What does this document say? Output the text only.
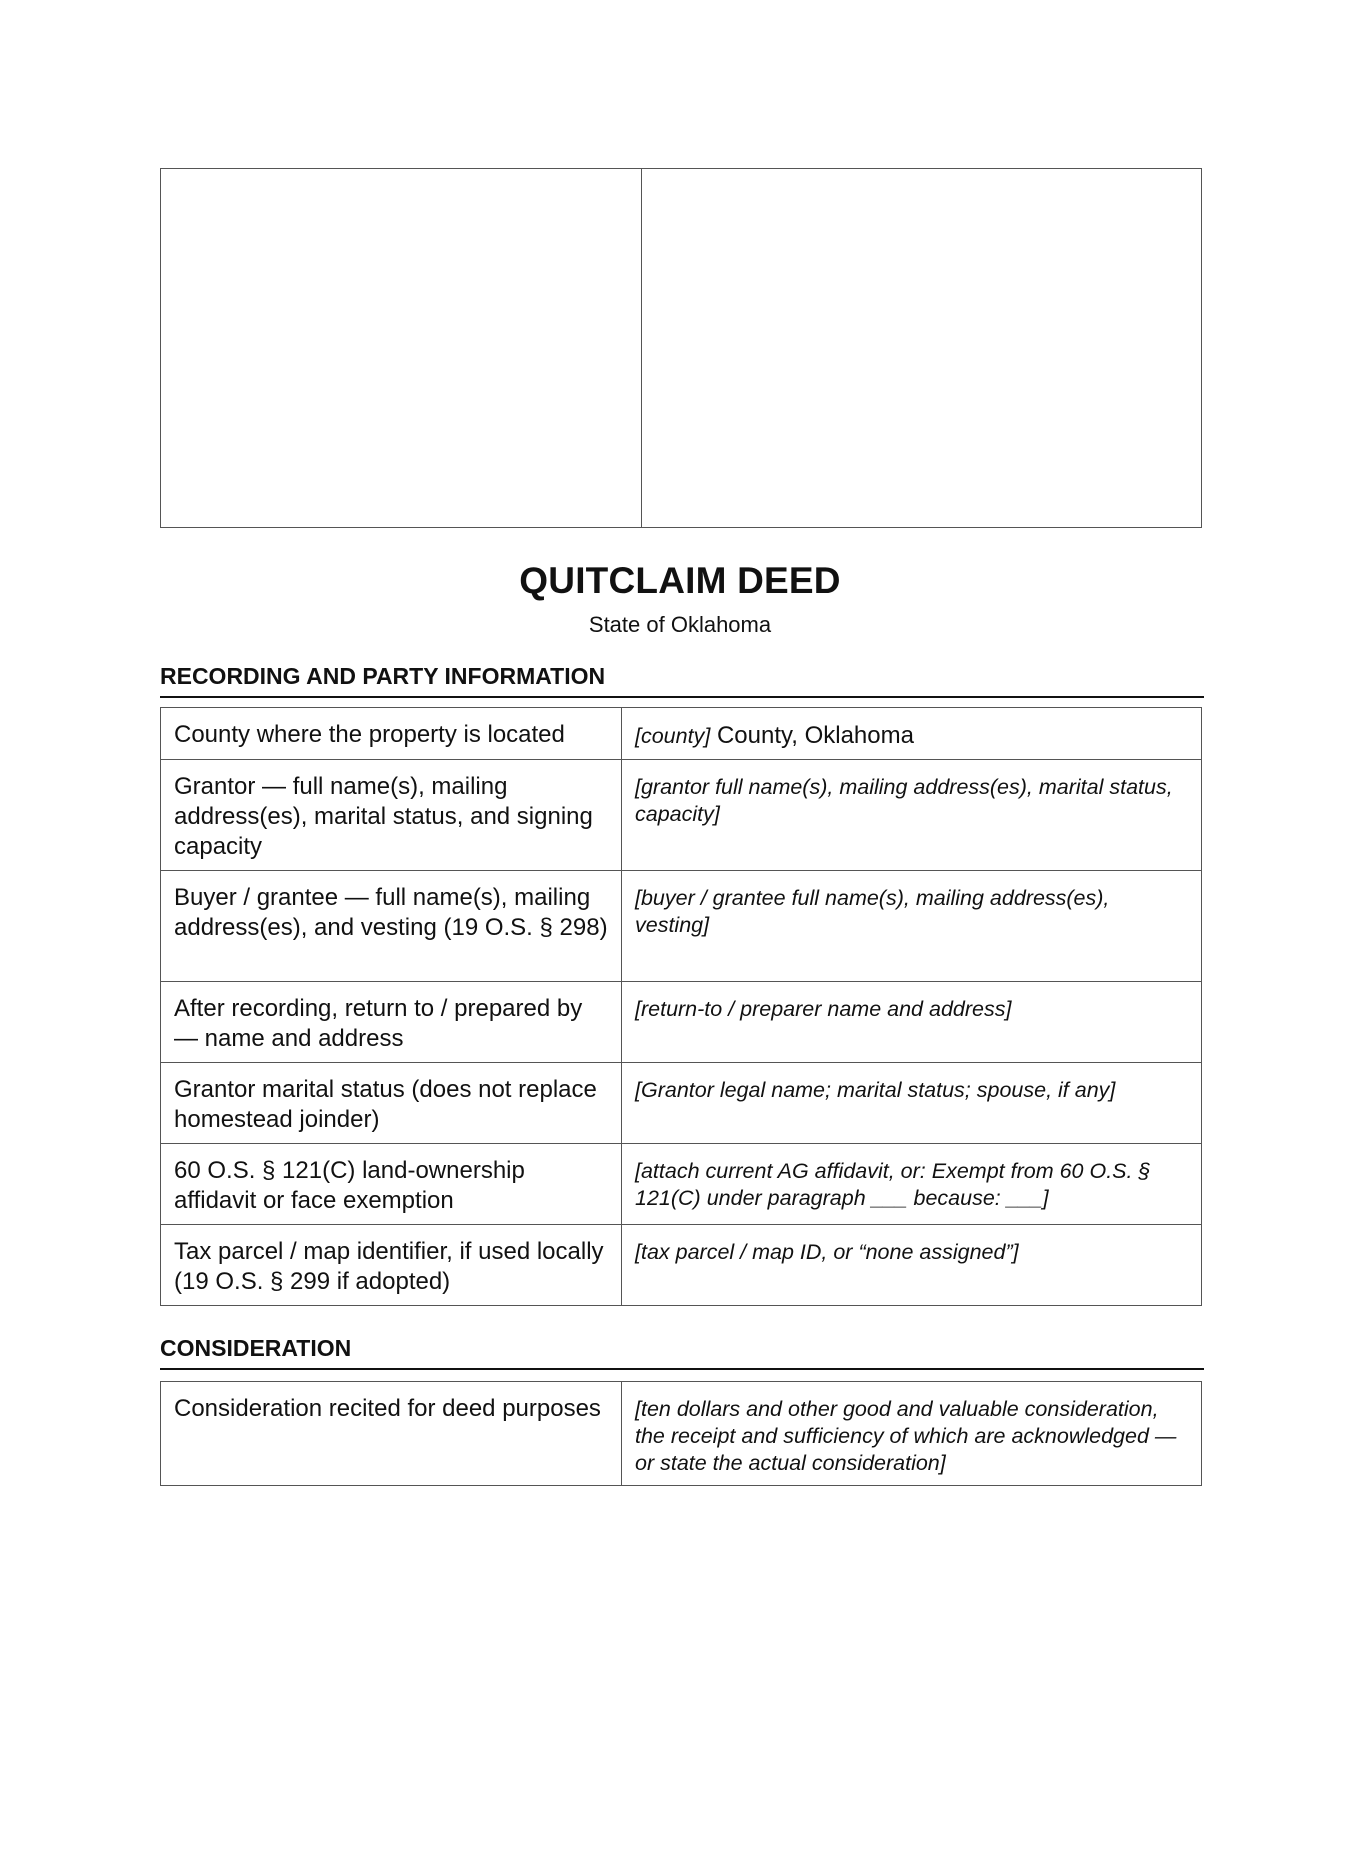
QUITCLAIM DEED
State of Oklahoma
RECORDING AND PARTY INFORMATION
County where the property is located	[county] County, Oklahoma
Grantor — full name(s), mailing address(es), marital status, and signing capacity	[grantor full name(s), mailing address(es), marital status, capacity]
Buyer / grantee — full name(s), mailing address(es), and vesting (19 O.S. § 298)	[buyer / grantee full name(s), mailing address(es), vesting]
After recording, return to / prepared by — name and address	[return-to / preparer name and address]
Grantor marital status (does not replace homestead joinder)	[Grantor legal name; marital status; spouse, if any]
60 O.S. § 121(C) land-ownership affidavit or face exemption	[attach current AG affidavit, or: Exempt from 60 O.S. § 121(C) under paragraph ___ because: ___]
Tax parcel / map identifier, if used locally (19 O.S. § 299 if adopted)	[tax parcel / map ID, or “none assigned”]
CONSIDERATION
Consideration recited for deed purposes	[ten dollars and other good and valuable consideration, the receipt and sufficiency of which are acknowledged — or state the actual consideration]
